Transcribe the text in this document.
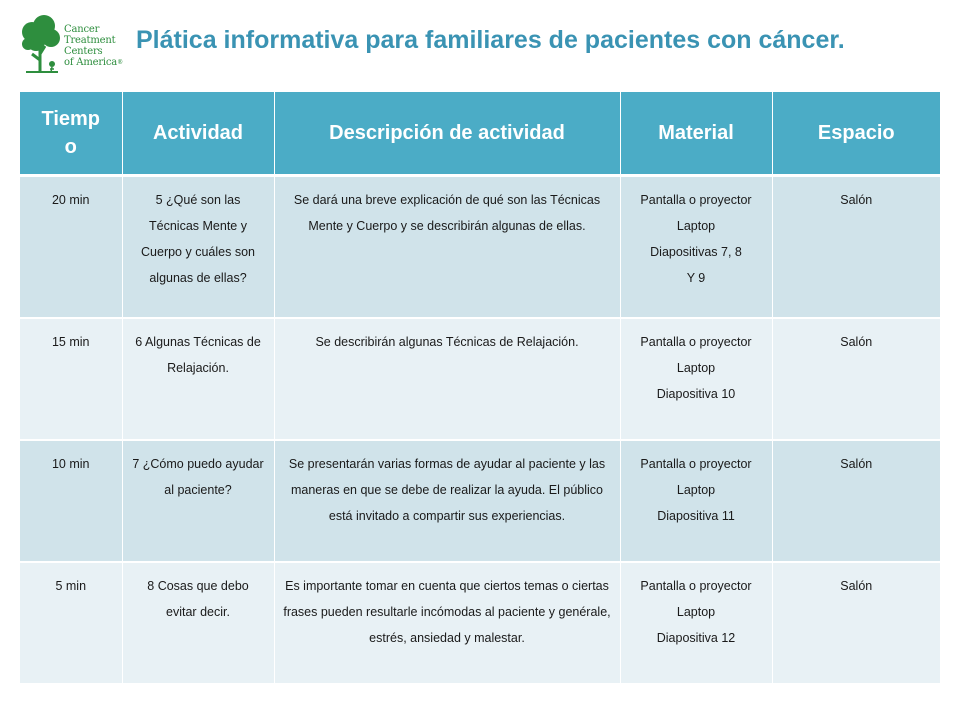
Cancer
Treatment
Centers
of America®
Plática informativa para familiares de pacientes con cáncer.
Tiemp o	Actividad	Descripción de actividad	Material	Espacio
20 min	5 ¿Qué son las Técnicas Mente y Cuerpo y cuáles son algunas de ellas?	Se dará una breve explicación de qué son las Técnicas Mente y Cuerpo y se describirán algunas de ellas.	Pantalla o proyector
Laptop
Diapositivas 7, 8
Y 9	Salón
15 min	6 Algunas Técnicas de Relajación.	Se describirán algunas Técnicas de Relajación.	Pantalla o proyector
Laptop
Diapositiva 10	Salón
10 min	7 ¿Cómo puedo ayudar al paciente?	Se presentarán varias formas de ayudar al paciente y las maneras en que se debe de realizar la ayuda. El público está invitado a compartir sus experiencias.	Pantalla o proyector
Laptop
Diapositiva 11	Salón
5 min	8 Cosas que debo evitar decir.	Es importante tomar en cuenta que ciertos temas o ciertas frases pueden resultarle incómodas al paciente y genérale, estrés, ansiedad y malestar.	Pantalla o proyector
Laptop
Diapositiva 12	Salón
